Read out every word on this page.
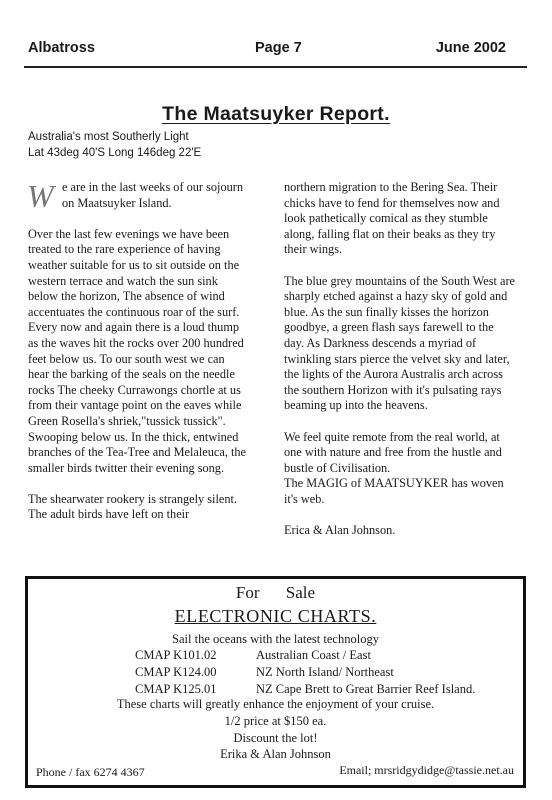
Albatross	Page 7	June 2002
The Maatsuyker Report.
Australia's most Southerly Light
Lat 43deg 40'S Long 146deg 22'E
W e are in the last weeks of our sojourn on Maatsuyker Island.

Over the last few evenings we have been treated to the rare experience of having weather suitable for us to sit outside on the western terrace and watch the sun sink below the horizon, The absence of wind accentuates the continuous roar of the surf. Every now and again there is a loud thump as the waves hit the rocks over 200 hundred feet below us. To our south west we can hear the barking of the seals on the needle rocks The cheeky Currawongs chortle at us from their vantage point on the eaves while Green Rosella's shriek,"tussick tussick". Swooping below us. In the thick, entwined branches of the Tea-Tree and Melaleuca, the smaller birds twitter their evening song.

The shearwater rookery is strangely silent. The adult birds have left on their

northern migration to the Bering Sea. Their chicks have to fend for themselves now and look pathetically comical as they stumble along, falling flat on their beaks as they try their wings.

The blue grey mountains of the South West are sharply etched against a hazy sky of gold and blue. As the sun finally kisses the horizon goodbye, a green flash says farewell to the day. As Darkness descends a myriad of twinkling stars pierce the velvet sky and later, the lights of the Aurora Australis arch across the southern Horizon with it's pulsating rays beaming up into the heavens.

We feel quite remote from the real world, at one with nature and free from the hustle and bustle of Civilisation.

The MAGIG of MAATSUYKER has woven it's web.

Erica & Alan Johnson.

For Sale
ELECTRONIC CHARTS.
Sail the oceans with the latest technology
CMAP K101.02	Australian Coast / East
CMAP K124.00	NZ North Island/ Northeast
CMAP K125.01	NZ Cape Brett to Great Barrier Reef Island.
These charts will greatly enhance the enjoyment of your cruise.
1/2 price at $150 ea.
Discount the lot!
Erika & Alan Johnson
Phone / fax 6274 4367	Email; mrsridgydidge@tassie.net.au
